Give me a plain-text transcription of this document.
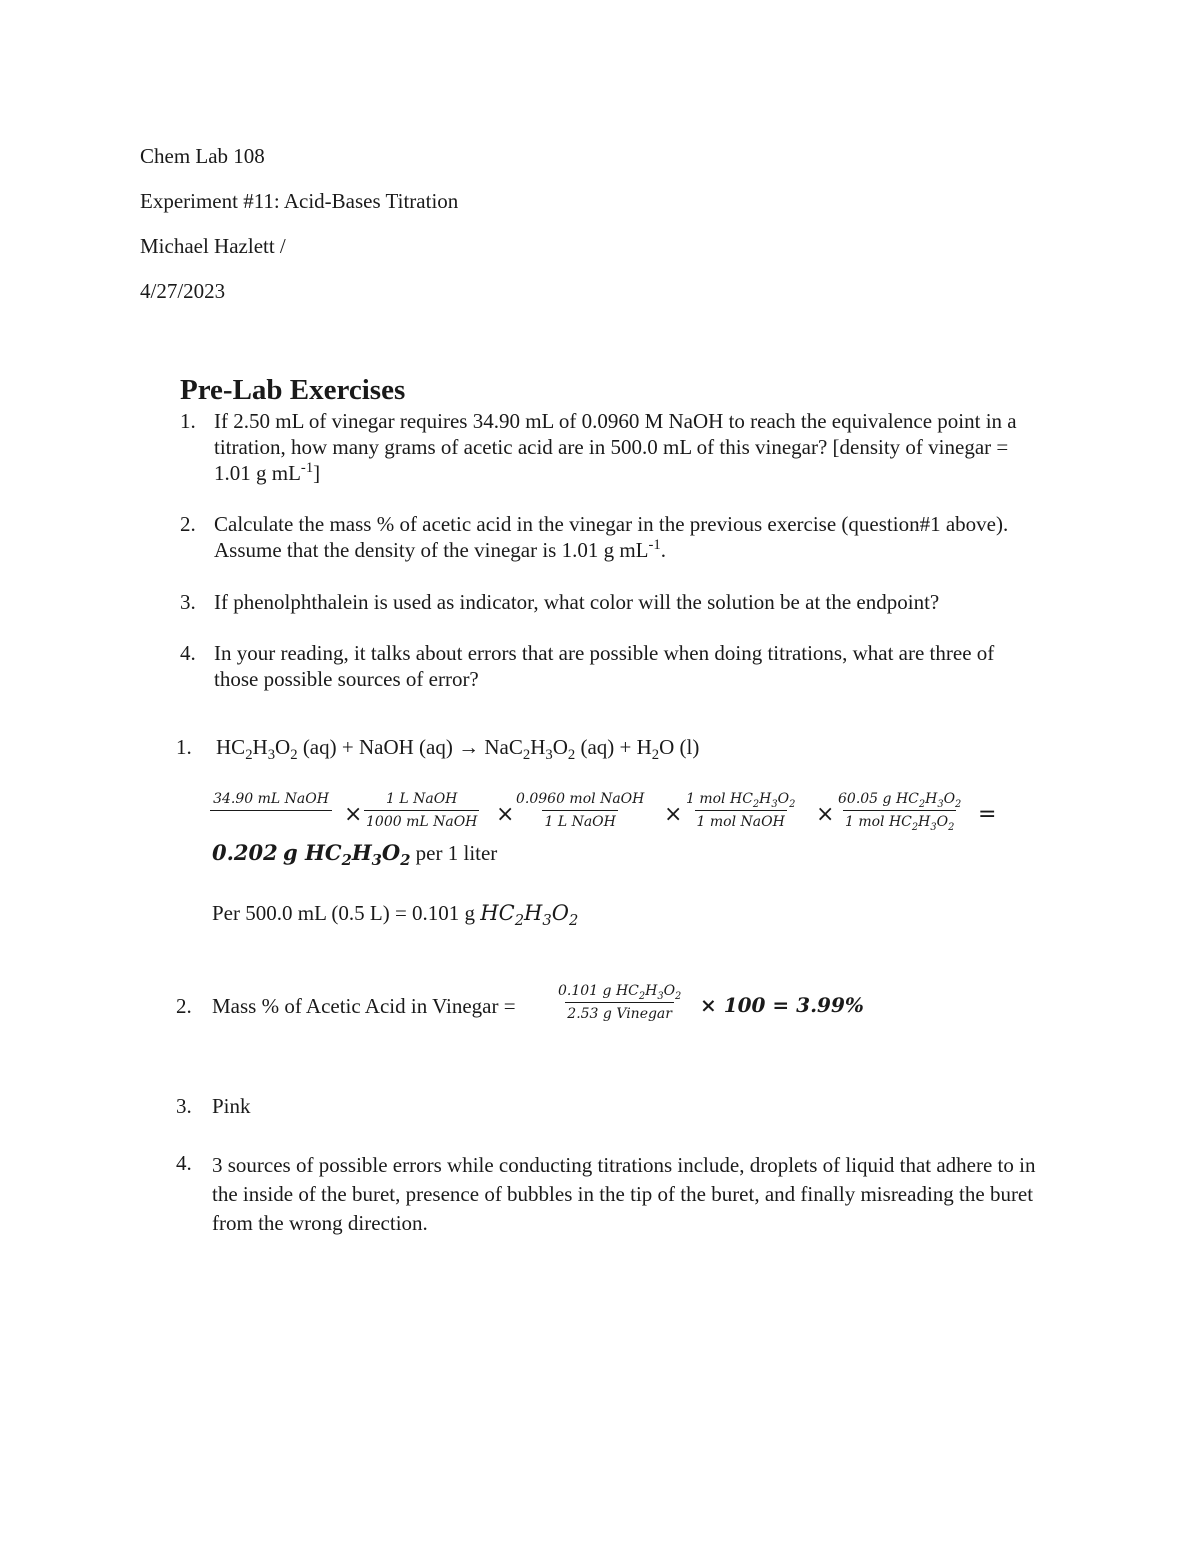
Chem Lab 108
Experiment #11: Acid-Bases Titration
Michael Hazlett /
4/27/2023
Pre-Lab Exercises
1. If 2.50 mL of vinegar requires 34.90 mL of 0.0960 M NaOH to reach the equivalence point in a titration, how many grams of acetic acid are in 500.0 mL of this vinegar? [density of vinegar = 1.01 g $mL^{-1}$]
2. Calculate the mass % of acetic acid in the vinegar in the previous exercise (question#1 above). Assume that the density of the vinegar is 1.01 g $mL^{-1}$.
3. If phenolphthalein is used as indicator, what color will the solution be at the endpoint?
4. In your reading, it talks about errors that are possible when doing titrations, what are three of those possible sources of error?
1. $HC_2H_3O_2$ (aq) + NaOH $(aq) \to NaC_2H_3O_2$ $(aq) + H_2O$ (l)
34.90 mL NaOH
×
1 L NaOH
1000 mL NaOH ×
0.0960 mol NaOH
1 L NaOH ×
1 mol $HC_2H_3O_2$
1 mol NaOH ×
60.05 g $HC_2H_3O_2$
1 mol $HC_2H_3O_2$
=
0.202 g $HC_2H_3O_2$ per 1 liter
Per 500.0 mL (0.5 L) = 0.101 g $HC_2H_3O_2$
2. Mass % of Acetic Acid in Vinegar =
0.101 g $HC_2H_3O_2$
2.53 g Vinegar × 100 = 3.99%
3. Pink
4. 3 sources of possible errors while conducting titrations include, droplets of liquid that adhere to in the inside of the buret, presence of bubbles in the tip of the buret, and finally misreading the buret from the wrong direction.
